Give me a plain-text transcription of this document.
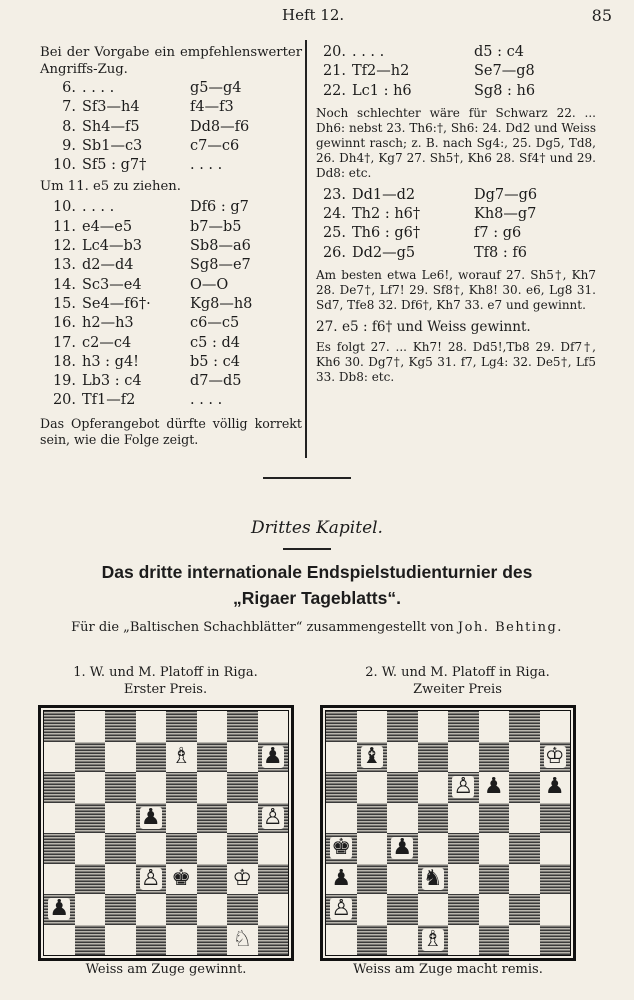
Heft 12.	85

Bei der Vorgabe ein empfehlenswerter Angriffs-Zug.

6. . . . .	g5—g4
7. Sf3—h4	f4—f3
8. Sh4—f5	Dd8—f6
9. Sb1—c3	c7—c6
10. Sf5 : g7†	. . . .

Um 11. e5 zu ziehen.

10. . . . .	Df6 : g7
11. e4—e5	b7—b5
12. Lc4—b3	Sb8—a6
13. d2—d4	Sg8—e7
14. Sc3—e4	O—O
15. Se4—f6†·	Kg8—h8
16. h2—h3	c6—c5
17. c2—c4	c5 : d4
18. h3 : g4!	b5 : c4
19. Lb3 : c4	d7—d5
20. Tf1—f2	. . . .

Das Opferangebot dürfte völlig korrekt sein, wie die Folge zeigt.

20. . . . .	d5 : c4
21. Tf2—h2	Se7—g8
22. Lc1 : h6	Sg8 : h6

Noch schlechter wäre für Schwarz 22. ... Dh6: nebst 23. Th6:†, Sh6: 24. Dd2 und Weiss gewinnt rasch; z. B. nach Sg4:, 25. Dg5, Td8, 26. Dh4†, Kg7 27. Sh5†, Kh6 28. Sf4† und 29. Dd8: etc.

23. Dd1—d2	Dg7—g6
24. Th2 : h6†	Kh8—g7
25. Th6 : g6†	f7 : g6
26. Dd2—g5	Tf8 : f6

Am besten etwa Le6!, worauf 27. Sh5†, Kh7 28. De7†, Lf7! 29. Sf8†, Kh8! 30. e6, Lg8 31. Sd7, Tfe8 32. Df6†, Kh7 33. e7 und gewinnt.

27. e5 : f6† und Weiss gewinnt.

Es folgt 27. ... Kh7! 28. Dd5!,Tb8 29. Df7†, Kh6 30. Dg7†, Kg5 31. f7, Lg4: 32. De5†, Lf5 33. Db8: etc.

Drittes Kapitel.
Das dritte internationale Endspielstudienturnier des
„Rigaer Tageblatts“.
Für die „Baltischen Schachblätter“ zusammengestellt von Joh. Behting.
1. W. und M. Platoff in Riga.
Erster Preis.
2. W. und M. Platoff in Riga.
Zweiter Preis
♗	♟
♟	♙
♙ ♚ ♔
♟
♘
♝	♔
♙ ♟ ♟
♚ ♟
♟	♞
♙
♗
Weiss am Zuge gewinnt.	Weiss am Zuge macht remis.
